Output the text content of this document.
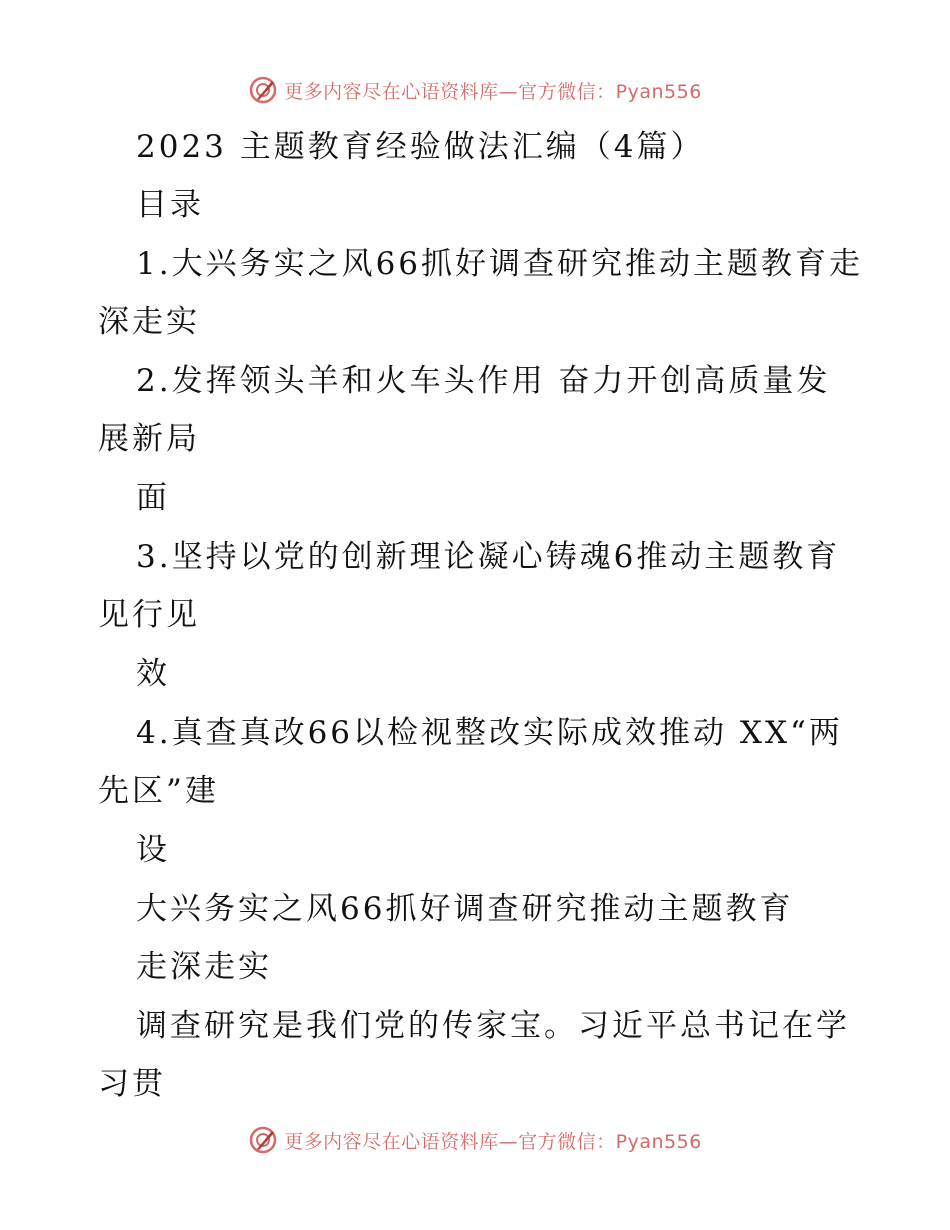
更多内容尽在心语资料库—官方微信：Pyan556
2023 主题教育经验做法汇编（4篇）
目录
1.大兴务实之风66抓好调查研究推动主题教育走
深走实
2.发挥领头羊和火车头作用 奋力开创高质量发
展新局
面
3.坚持以党的创新理论凝心铸魂6推动主题教育
见行见
效
4.真查真改66以检视整改实际成效推动 XX“两
先区”建
设
大兴务实之风66抓好调查研究推动主题教育
走深走实
调查研究是我们党的传家宝。习近平总书记在学
习贯
更多内容尽在心语资料库—官方微信：Pyan556
